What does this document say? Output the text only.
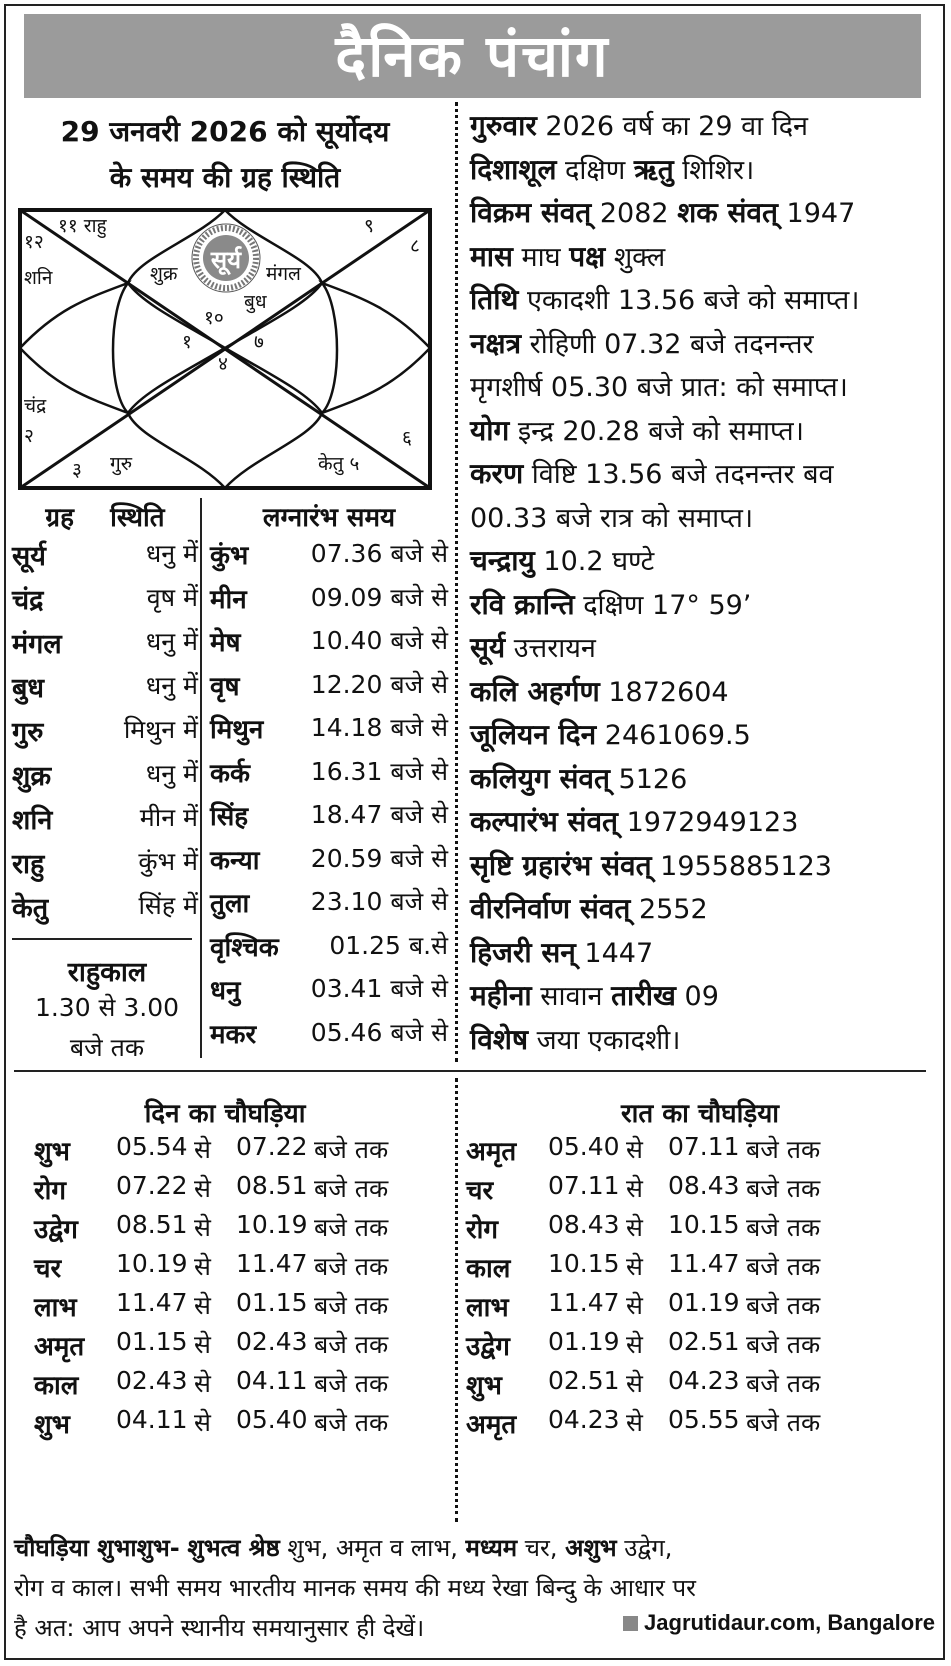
दैनिक पंचांग
29 जनवरी 2026 को सूर्योदय
के समय की ग्रह स्थिति
सूर्य
११ राहु
१२
शनि
९
८
शुक्र	मंगल
बुध
१०
१	७
४
चंद्र
२
३ गुरु	केतु ५
६
ग्रह    स्थिति
सूर्य	धनु में
चंद्र	वृष में
मंगल	धनु में
बुध	धनु में
गुरु	मिथुन में
शुक्र	धनु में
शनि	मीन में
राहु	कुंभ में
केतु	सिंह में
राहुकाल
1.30 से 3.00
बजे तक
लग्नारंभ समय
कुंभ	07.36 बजे से
मीन	09.09 बजे से
मेष	10.40 बजे से
वृष	12.20 बजे से
मिथुन 14.18 बजे से
कर्क 16.31 बजे से
सिंह	18.47 बजे से
कन्या 20.59 बजे से
तुला 23.10 बजे से
वृश्चिक 01.25 ब.से
धनु	03.41 बजे से
मकर 05.46 बजे से
गुरुवार 2026 वर्ष का 29 वा दिन
दिशाशूल दक्षिण ऋतु शिशिर।
विक्रम संवत् 2082 शक संवत् 1947
मास माघ पक्ष शुक्ल
तिथि एकादशी 13.56 बजे को समाप्त।
नक्षत्र रोहिणी 07.32 बजे तदनन्तर
मृगशीर्ष 05.30 बजे प्रात: को समाप्त।
योग इन्द्र 20.28 बजे को समाप्त।
करण विष्टि 13.56 बजे तदनन्तर बव
00.33 बजे रात्र को समाप्त।
चन्द्रायु 10.2 घण्टे
रवि क्रान्ति दक्षिण 17° 59’
सूर्य उत्तरायन
कलि अहर्गण 1872604
जूलियन दिन 2461069.5
कलियुग संवत् 5126
कल्पारंभ संवत् 1972949123
सृष्टि ग्रहारंभ संवत् 1955885123
वीरनिर्वाण संवत् 2552
हिजरी सन् 1447
महीना सावान तारीख 09
विशेष जया एकादशी।
दिन का चौघड़िया	रात का चौघड़िया
शुभ	05.54 से	07.22 बजे तक
रोग	07.22 से	08.51 बजे तक
उद्वेग	08.51 से	10.19 बजे तक
चर	10.19 से	11.47 बजे तक
लाभ	11.47 से	01.15 बजे तक
अमृत	01.15 से	02.43 बजे तक
काल	02.43 से	04.11 बजे तक
शुभ	04.11 से	05.40 बजे तक
अमृत	05.40 से	07.11 बजे तक
चर	07.11 से	08.43 बजे तक
रोग	08.43 से	10.15 बजे तक
काल	10.15 से	11.47 बजे तक
लाभ	11.47 से	01.19 बजे तक
उद्वेग	01.19 से	02.51 बजे तक
शुभ	02.51 से	04.23 बजे तक
अमृत	04.23 से	05.55 बजे तक
चौघड़िया शुभाशुभ- शुभत्व श्रेष्ठ शुभ, अमृत व लाभ, मध्यम चर, अशुभ उद्वेग,
रोग व काल। सभी समय भारतीय मानक समय की मध्य रेखा बिन्दु के आधार पर
है अत: आप अपने स्थानीय समयानुसार ही देखें।	Jagrutidaur.com, Bangalore
